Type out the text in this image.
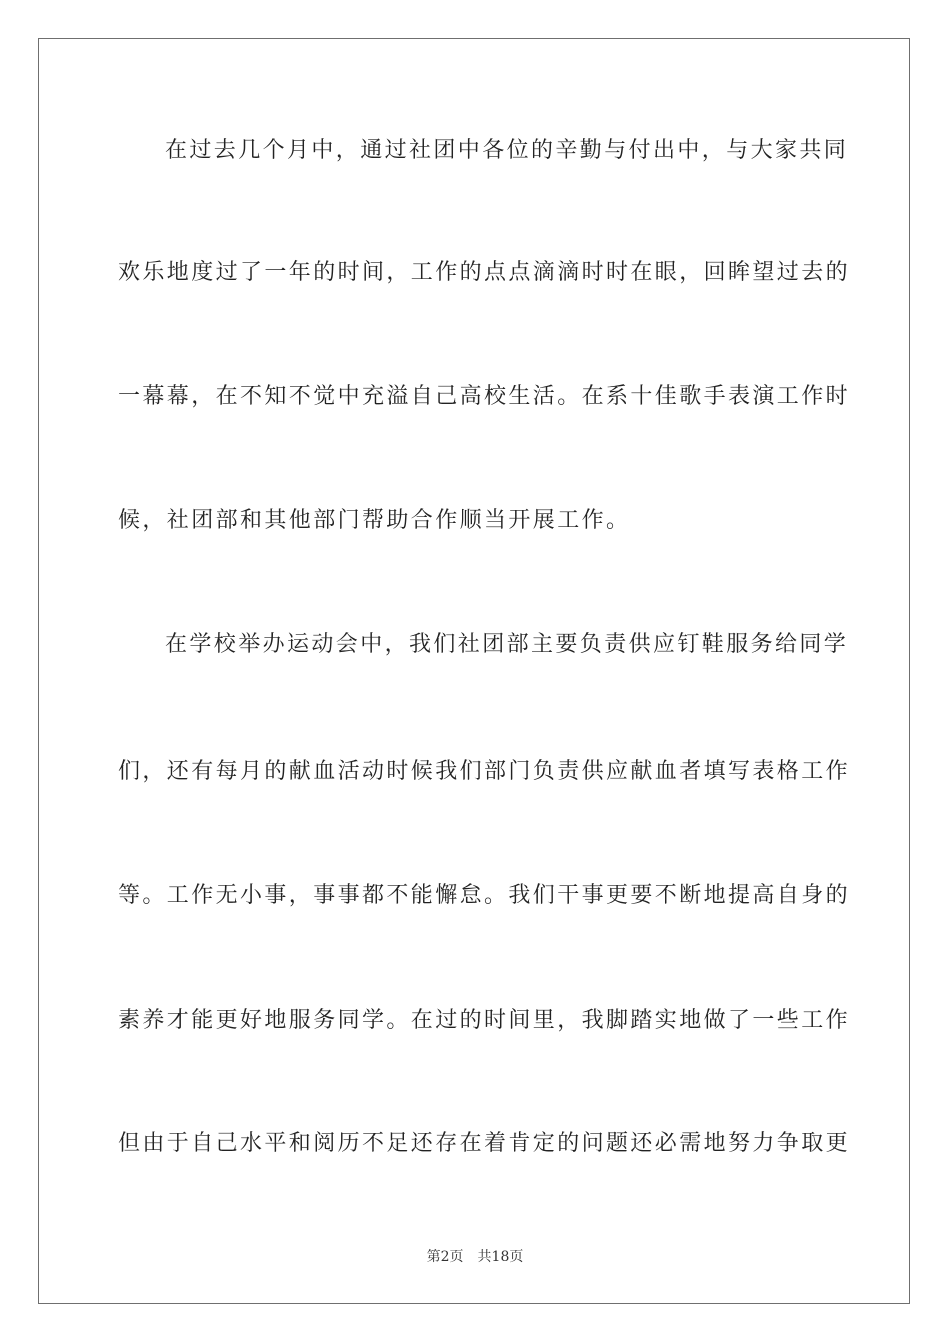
在过去几个月中，通过社团中各位的辛勤与付出中，与大家共同
欢乐地度过了一年的时间，工作的点点滴滴时时在眼，回眸望过去的
一幕幕，在不知不觉中充溢自己高校生活。在系十佳歌手表演工作时
候，社团部和其他部门帮助合作顺当开展工作。
在学校举办运动会中，我们社团部主要负责供应钉鞋服务给同学
们，还有每月的献血活动时候我们部门负责供应献血者填写表格工作
等。工作无小事，事事都不能懈怠。我们干事更要不断地提高自身的
素养才能更好地服务同学。在过的时间里，我脚踏实地做了一些工作
但由于自己水平和阅历不足还存在着肯定的问题还必需地努力争取更
第2页 共18页
